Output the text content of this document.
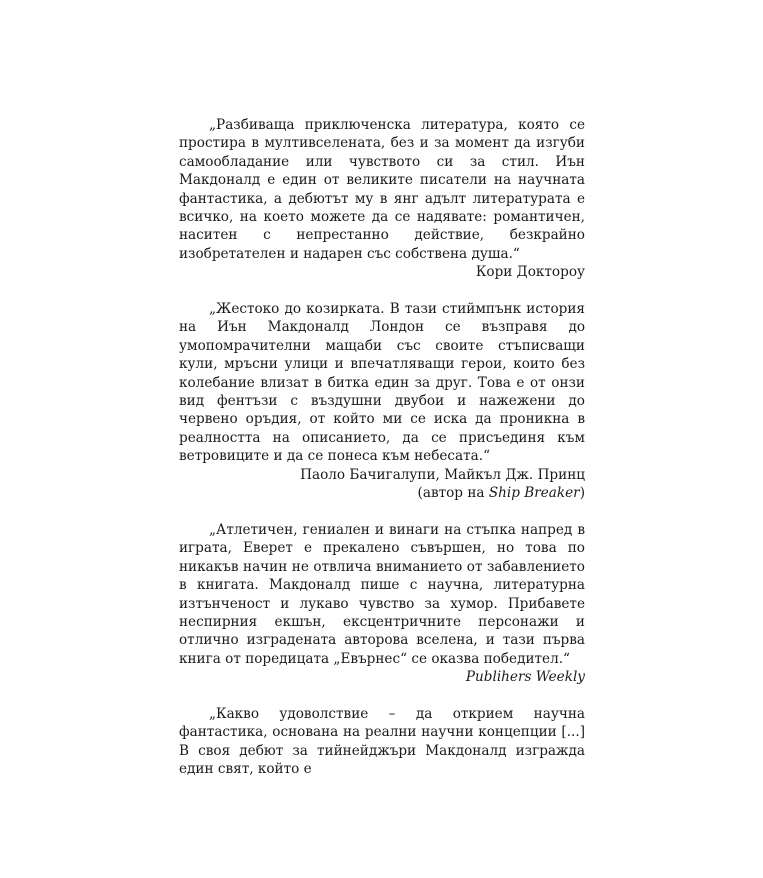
„Разбиваща приключенска литература, която се простира в мултивселената, без и за момент да изгуби самообладание или чувството си за стил. Иън Макдоналд е един от великите писатели на научната фантастика, а дебютът му в янг адълт литературата е всичко, на което можете да се надявате: романтичен, наситен с непрестанно действие, безкрайно изобретателен и надарен със собствена душа.“

Кори Доктороу

„Жестоко до козирката. В тази стиймпънк история на Иън Макдоналд Лондон се възправя до умопомрачителни мащаби със своите стъписващи кули, мръсни улици и впечатляващи герои, които без колебание влизат в битка един за друг. Това е от онзи вид фентъзи с въздушни двубои и нажежени до червено оръдия, от който ми се иска да проникна в реалността на описанието, да се присъединя към ветровиците и да се понеса към небесата.“

Паоло Бачигалупи, Майкъл Дж. Принц

(автор на Ship Breaker)

„Атлетичен, гениален и винаги на стъпка напред в играта, Еверет е прекалено съвършен, но това по никакъв начин не отвлича вниманието от забавлението в книгата. Макдоналд пише с научна, литературна изтънченост и лукаво чувство за хумор. Прибавете неспирния екшън, ексцентричните персонажи и отлично изградената авторова вселена, и тази първа книга от поредицата „Евърнес“ се оказва победител.“

Publihers Weekly

„Какво удоволствие – да открием научна фантастика, основана на реални научни концепции [...] В своя дебют за тийнейджъри Макдоналд изгражда един свят, който е
